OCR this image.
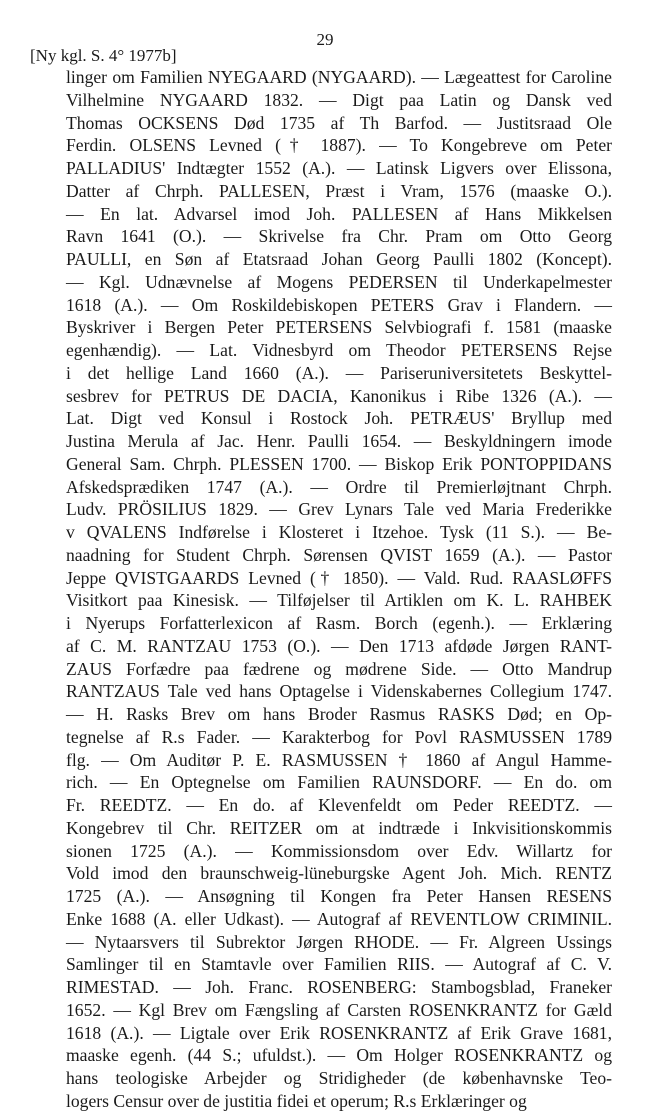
29
[Ny kgl. S. 4° 1977b]
linger om Familien NYEGAARD (NYGAARD). — Lægeattest for Caroline
Vilhelmine NYGAARD 1832. — Digt paa Latin og Dansk ved
Thomas OCKSENS Død 1735 af Th Barfod. — Justitsraad Ole
Ferdin. OLSENS Levned († 1887). — To Kongebreve om Peter
PALLADIUS' Indtægter 1552 (A.). — Latinsk Ligvers over Elissona,
Datter af Chrph. PALLESEN, Præst i Vram, 1576 (maaske O.).
— En lat. Advarsel imod Joh. PALLESEN af Hans Mikkelsen
Ravn 1641 (O.). — Skrivelse fra Chr. Pram om Otto Georg
PAULLI, en Søn af Etatsraad Johan Georg Paulli 1802 (Koncept).
— Kgl. Udnævnelse af Mogens PEDERSEN til Underkapelmester
1618 (A.). — Om Roskildebiskopen PETERS Grav i Flandern. —
Byskriver i Bergen Peter PETERSENS Selvbiografi f. 1581 (maaske
egenhændig). — Lat. Vidnesbyrd om Theodor PETERSENS Rejse
i det hellige Land 1660 (A.). — Pariseruniversitetets Beskyttel-
sesbrev for PETRUS DE DACIA, Kanonikus i Ribe 1326 (A.). —
Lat. Digt ved Konsul i Rostock Joh. PETRÆUS' Bryllup med
Justina Merula af Jac. Henr. Paulli 1654. — Beskyldningern imode
General Sam. Chrph. PLESSEN 1700. — Biskop Erik PONTOPPIDANS
Afskedsprædiken 1747 (A.). — Ordre til Premierløjtnant Chrph.
Ludv. PRÖSILIUS 1829. — Grev Lynars Tale ved Maria Frederikke
v QVALENS Indførelse i Klosteret i Itzehoe. Tysk (11 S.). — Be-
naadning for Student Chrph. Sørensen QVIST 1659 (A.). — Pastor
Jeppe QVISTGAARDS Levned († 1850). — Vald. Rud. RAASLØFFS
Visitkort paa Kinesisk. — Tilføjelser til Artiklen om K. L. RAHBEK
i Nyerups Forfatterlexicon af Rasm. Borch (egenh.). — Erklæring
af C. M. RANTZAU 1753 (O.). — Den 1713 afdøde Jørgen RANT-
ZAUS Forfædre paa fædrene og mødrene Side. — Otto Mandrup
RANTZAUS Tale ved hans Optagelse i Videnskabernes Collegium 1747.
— H. Rasks Brev om hans Broder Rasmus RASKS Død; en Op-
tegnelse af R.s Fader. — Karakterbog for Povl RASMUSSEN 1789
flg. — Om Auditør P. E. RASMUSSEN † 1860 af Angul Hamme-
rich. — En Optegnelse om Familien RAUNSDORF. — En do. om
Fr. REEDTZ. — En do. af Klevenfeldt om Peder REEDTZ. —
Kongebrev til Chr. REITZER om at indtræde i Inkvisitionskommis
sionen 1725 (A.). — Kommissionsdom over Edv. Willartz for
Vold imod den braunschweig-lüneburgske Agent Joh. Mich. RENTZ
1725 (A.). — Ansøgning til Kongen fra Peter Hansen RESENS
Enke 1688 (A. eller Udkast). — Autograf af REVENTLOW CRIMINIL.
— Nytaarsvers til Subrektor Jørgen RHODE. — Fr. Algreen Ussings
Samlinger til en Stamtavle over Familien RIIS. — Autograf af C. V.
RIMESTAD. — Joh. Franc. ROSENBERG: Stambogsblad, Franeker
1652. — Kgl Brev om Fængsling af Carsten ROSENKRANTZ for Gæld
1618 (A.). — Ligtale over Erik ROSENKRANTZ af Erik Grave 1681,
maaske egenh. (44 S.; ufuldst.). — Om Holger ROSENKRANTZ og
hans teologiske Arbejder og Stridigheder (de københavnske Teo-
logers Censur over de justitia fidei et operum; R.s Erklæringer og
